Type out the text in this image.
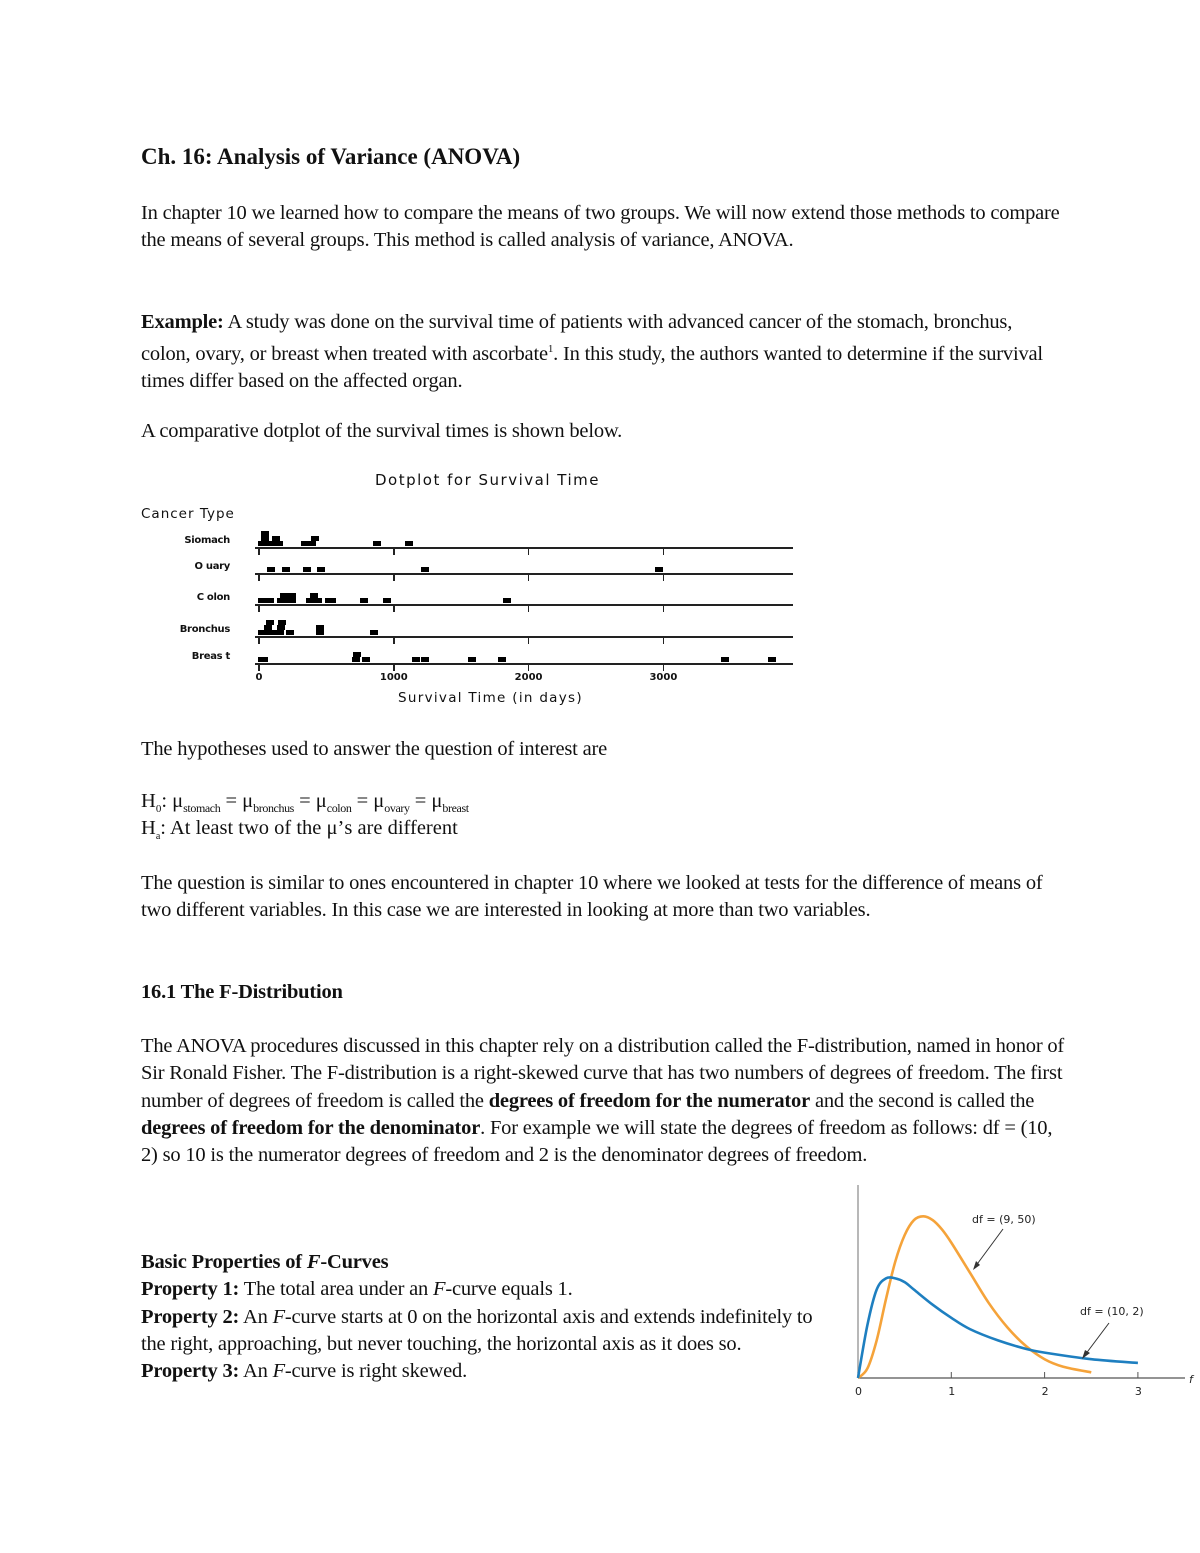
Ch. 16: Analysis of Variance (ANOVA)
In chapter 10 we learned how to compare the means of two groups. We will now extend those methods to compare the means of several groups. This method is called analysis of variance, ANOVA.
Example: A study was done on the survival time of patients with advanced cancer of the stomach, bronchus, colon, ovary, or breast when treated with ascorbate$^1$. In this study, the authors wanted to determine if the survival times differ based on the affected organ.
A comparative dotplot of the survival times is shown below.
The hypotheses used to answer the question of interest are
$H_0$: $\mu_{stomach} = \mu_{bronchus} = \mu_{colon} = \mu_{ovary} = \mu_{breast}$
$H_a$: At least two of the μ’s are different
The question is similar to ones encountered in chapter 10 where we looked at tests for the difference of means of two different variables. In this case we are interested in looking at more than two variables.
16.1 The F-Distribution
The ANOVA procedures discussed in this chapter rely on a distribution called the F-distribution, named in honor of Sir Ronald Fisher. The F-distribution is a right-skewed curve that has two numbers of degrees of freedom. The first number of degrees of freedom is called the degrees of freedom for the numerator and the second is called the degrees of freedom for the denominator. For example we will state the degrees of freedom as follows: df = (10, 2) so 10 is the numerator degrees of freedom and 2 is the denominator degrees of freedom.
Basic Properties of F-Curves
Property 1: The total area under an F-curve equals 1.
Property 2: An F-curve starts at 0 on the horizontal axis and extends indefinitely to the right, approaching, but never touching, the horizontal axis as it does so.
Property 3: An F-curve is right skewed.
Dotplot for Survival Time
Cancer Type
Survival Time (in days)
Siomach
O uary
C olon
Bronchus
Breas t
0	1000	2000	3000
0	1	2	3
df = (9, 50)
df = (10, 2)
f
